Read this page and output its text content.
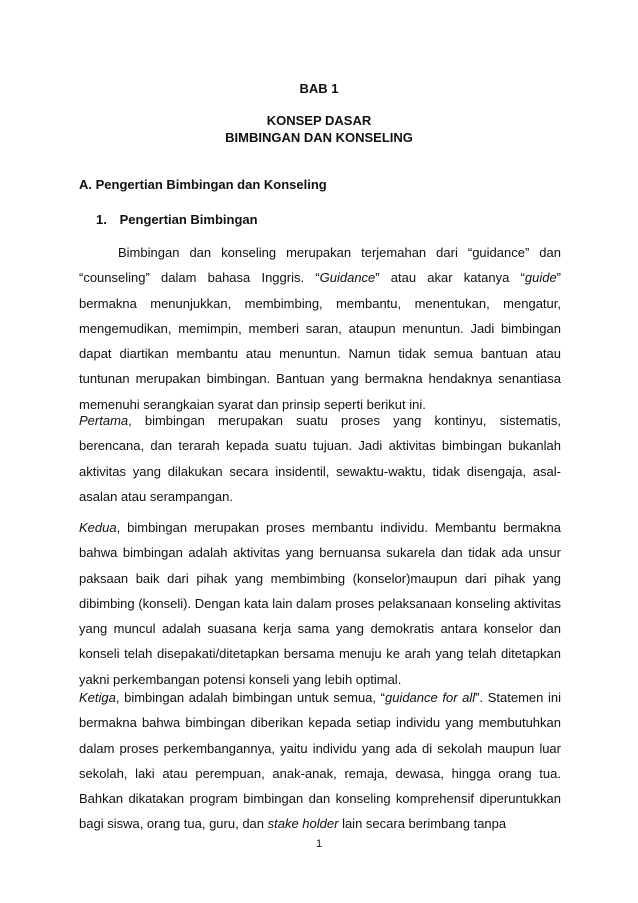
BAB 1
KONSEP DASAR
BIMBINGAN DAN KONSELING
A. Pengertian Bimbingan dan Konseling
1. Pengertian Bimbingan

Bimbingan dan konseling merupakan terjemahan dari “guidance” dan “counseling” dalam bahasa Inggris. “Guidance” atau akar katanya “guide” bermakna menunjukkan, membimbing, membantu, menentukan, mengatur, mengemudikan, memimpin, memberi saran, ataupun menuntun. Jadi bimbingan dapat diartikan membantu atau menuntun. Namun tidak semua bantuan atau tuntunan merupakan bimbingan. Bantuan yang bermakna hendaknya senantiasa memenuhi serangkaian syarat dan prinsip seperti berikut ini.

Pertama, bimbingan merupakan suatu proses yang kontinyu, sistematis, berencana, dan terarah kepada suatu tujuan. Jadi aktivitas bimbingan bukanlah aktivitas yang dilakukan secara insidentil, sewaktu-waktu, tidak disengaja, asal-asalan atau serampangan.

Kedua, bimbingan merupakan proses membantu individu. Membantu bermakna bahwa bimbingan adalah aktivitas yang bernuansa sukarela dan tidak ada unsur paksaan baik dari pihak yang membimbing (konselor)maupun dari pihak yang dibimbing (konseli). Dengan kata lain dalam proses pelaksanaan konseling aktivitas yang muncul adalah suasana kerja sama yang demokratis antara konselor dan konseli telah disepakati/ditetapkan bersama menuju ke arah yang telah ditetapkan yakni perkembangan potensi konseli yang lebih optimal.

Ketiga, bimbingan adalah bimbingan untuk semua, “guidance for all”. Statemen ini bermakna bahwa bimbingan diberikan kepada setiap individu yang membutuhkan dalam proses perkembangannya, yaitu individu yang ada di sekolah maupun luar sekolah, laki atau perempuan, anak-anak, remaja, dewasa, hingga orang tua. Bahkan dikatakan program bimbingan dan konseling komprehensif diperuntukkan bagi siswa, orang tua, guru, dan stake holder lain secara berimbang tanpa

1
